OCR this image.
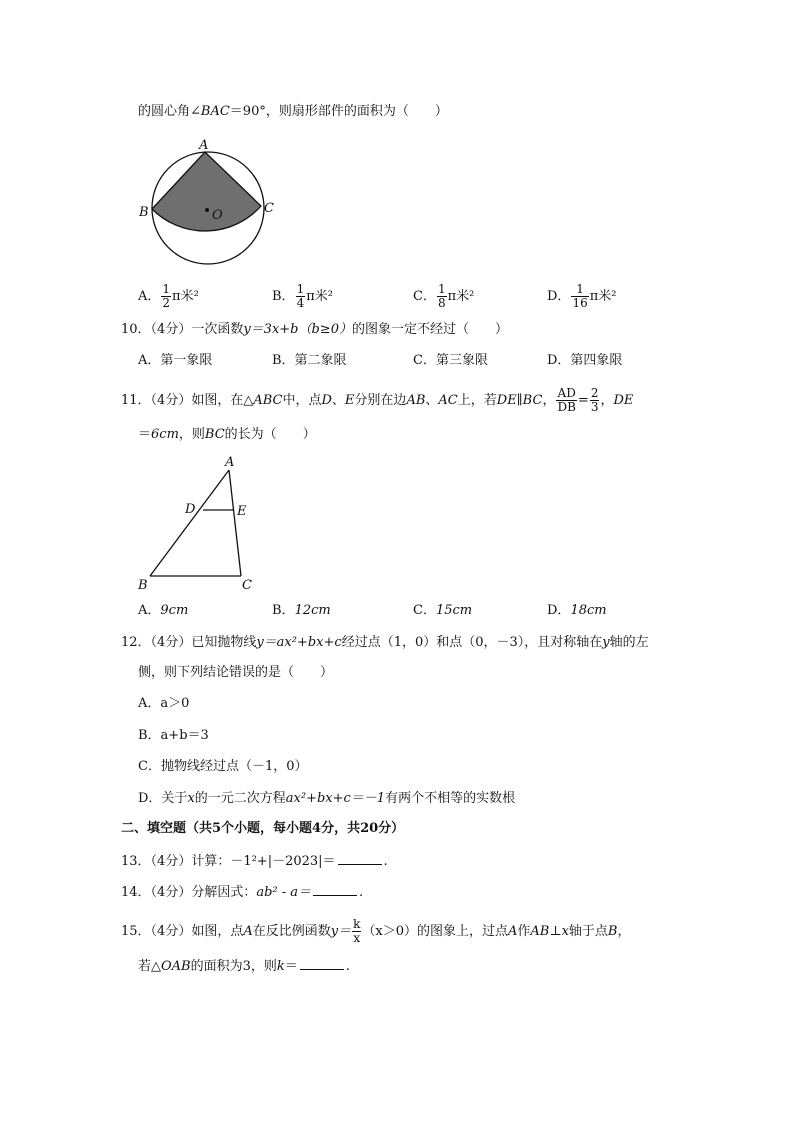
的圆心角∠BAC＝90°，则扇形部件的面积为（ ）
A
B	C
O
A． $\frac{1}{2}$ π米²	B． $\frac{1}{4}$ π米²	C． $\frac{1}{8}$ π米²	D． $\frac{1}{16}$ π米²
10．（4分）一次函数y＝3x+b（b≥0）的图象一定不经过（ ）
A．第一象限	B．第二象限	C．第三象限	D．第四象限
11．（4分）如图，在△ABC中，点D、E分别在边AB、AC上，若DE∥BC， $\frac{AD}{DB} = \frac{2}{3}$ ，DE
＝6cm，则BC的长为（ ）
A
B	C
D	E
A．9cm	B．12cm	C．15cm	D．18cm
12．（4分）已知抛物线y＝ax²+bx+c经过点（1，0）和点（0，－3），且对称轴在y轴的左
侧，则下列结论错误的是（ ）
A．a＞0
B．a+b＝3
C．抛物线经过点（－1，0）
D．关于x的一元二次方程ax²+bx+c＝－1有两个不相等的实数根
二、填空题（共5个小题，每小题4分，共20分）
13．（4分）计算：－1²+|－2023|＝	.
14．（4分）分解因式：ab² - a＝	.
15．（4分）如图，点A在反比例函数$y= \frac{k}{x} (x>0)$的图象上，过点A作AB⊥x轴于点B，
若△OAB的面积为3，则k＝	.
